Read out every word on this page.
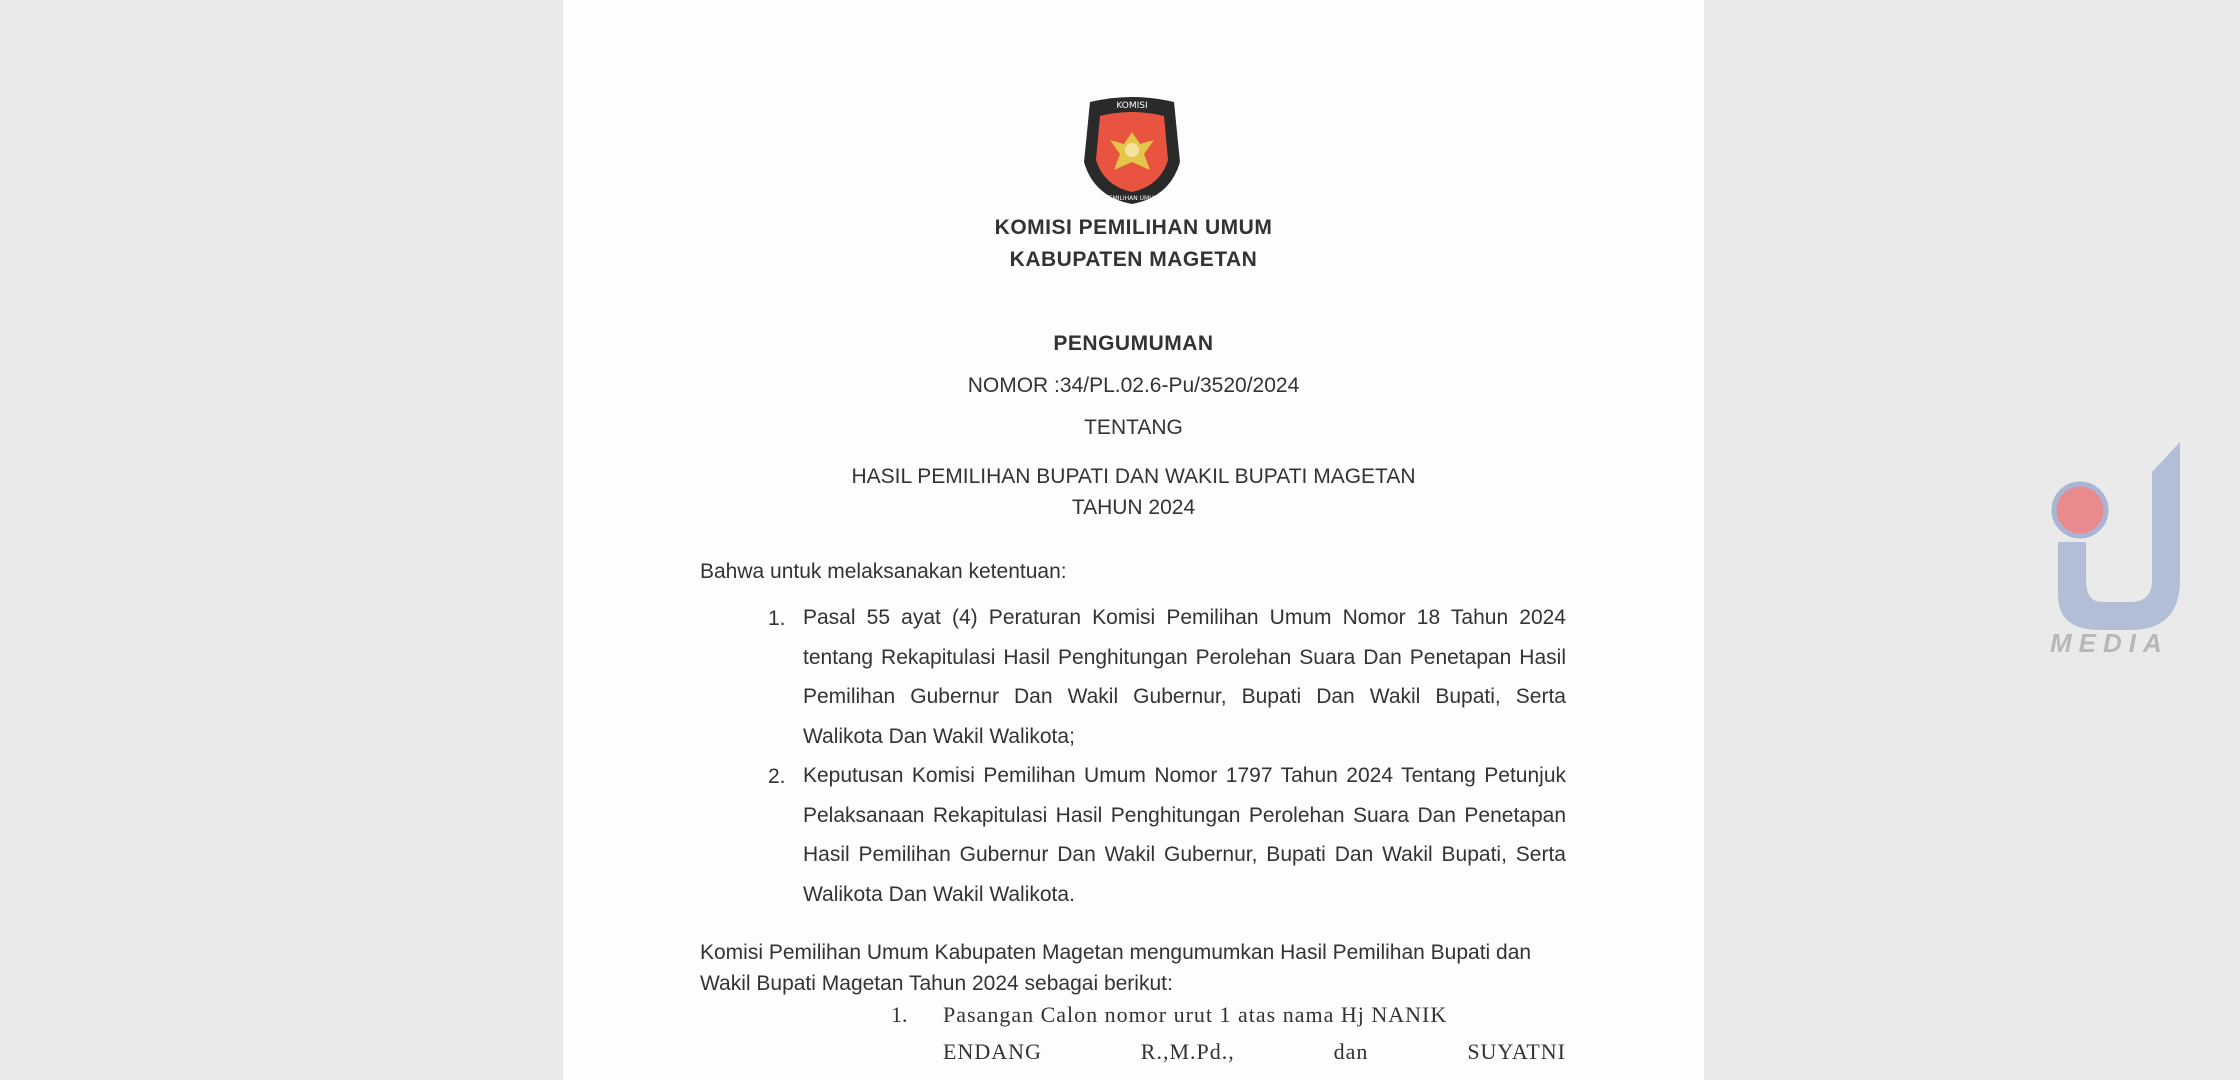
KOMISI
PEMILIHAN UMUM
KOMISI PEMILIHAN UMUM
KABUPATEN MAGETAN
PENGUMUMAN
NOMOR :34/PL.02.6-Pu/3520/2024
TENTANG
HASIL PEMILIHAN BUPATI DAN WAKIL BUPATI MAGETAN
TAHUN 2024

Bahwa untuk melaksanakan ketentuan:

1. Pasal 55 ayat (4) Peraturan Komisi Pemilihan Umum Nomor 18 Tahun 2024 tentang Rekapitulasi Hasil Penghitungan Perolehan Suara Dan Penetapan Hasil Pemilihan Gubernur Dan Wakil Gubernur, Bupati Dan Wakil Bupati, Serta Walikota Dan Wakil Walikota;
2. Keputusan Komisi Pemilihan Umum Nomor 1797 Tahun 2024 Tentang Petunjuk Pelaksanaan Rekapitulasi Hasil Penghitungan Perolehan Suara Dan Penetapan Hasil Pemilihan Gubernur Dan Wakil Gubernur, Bupati Dan Wakil Bupati, Serta Walikota Dan Wakil Walikota.

Komisi Pemilihan Umum Kabupaten Magetan mengumumkan Hasil Pemilihan Bupati dan Wakil Bupati Magetan Tahun 2024 sebagai berikut:

1. Pasangan Calon nomor urut 1 atas nama Hj NANIK
ENDANG	R.,M.Pd.,	dan	SUYATNI
MEDIA
